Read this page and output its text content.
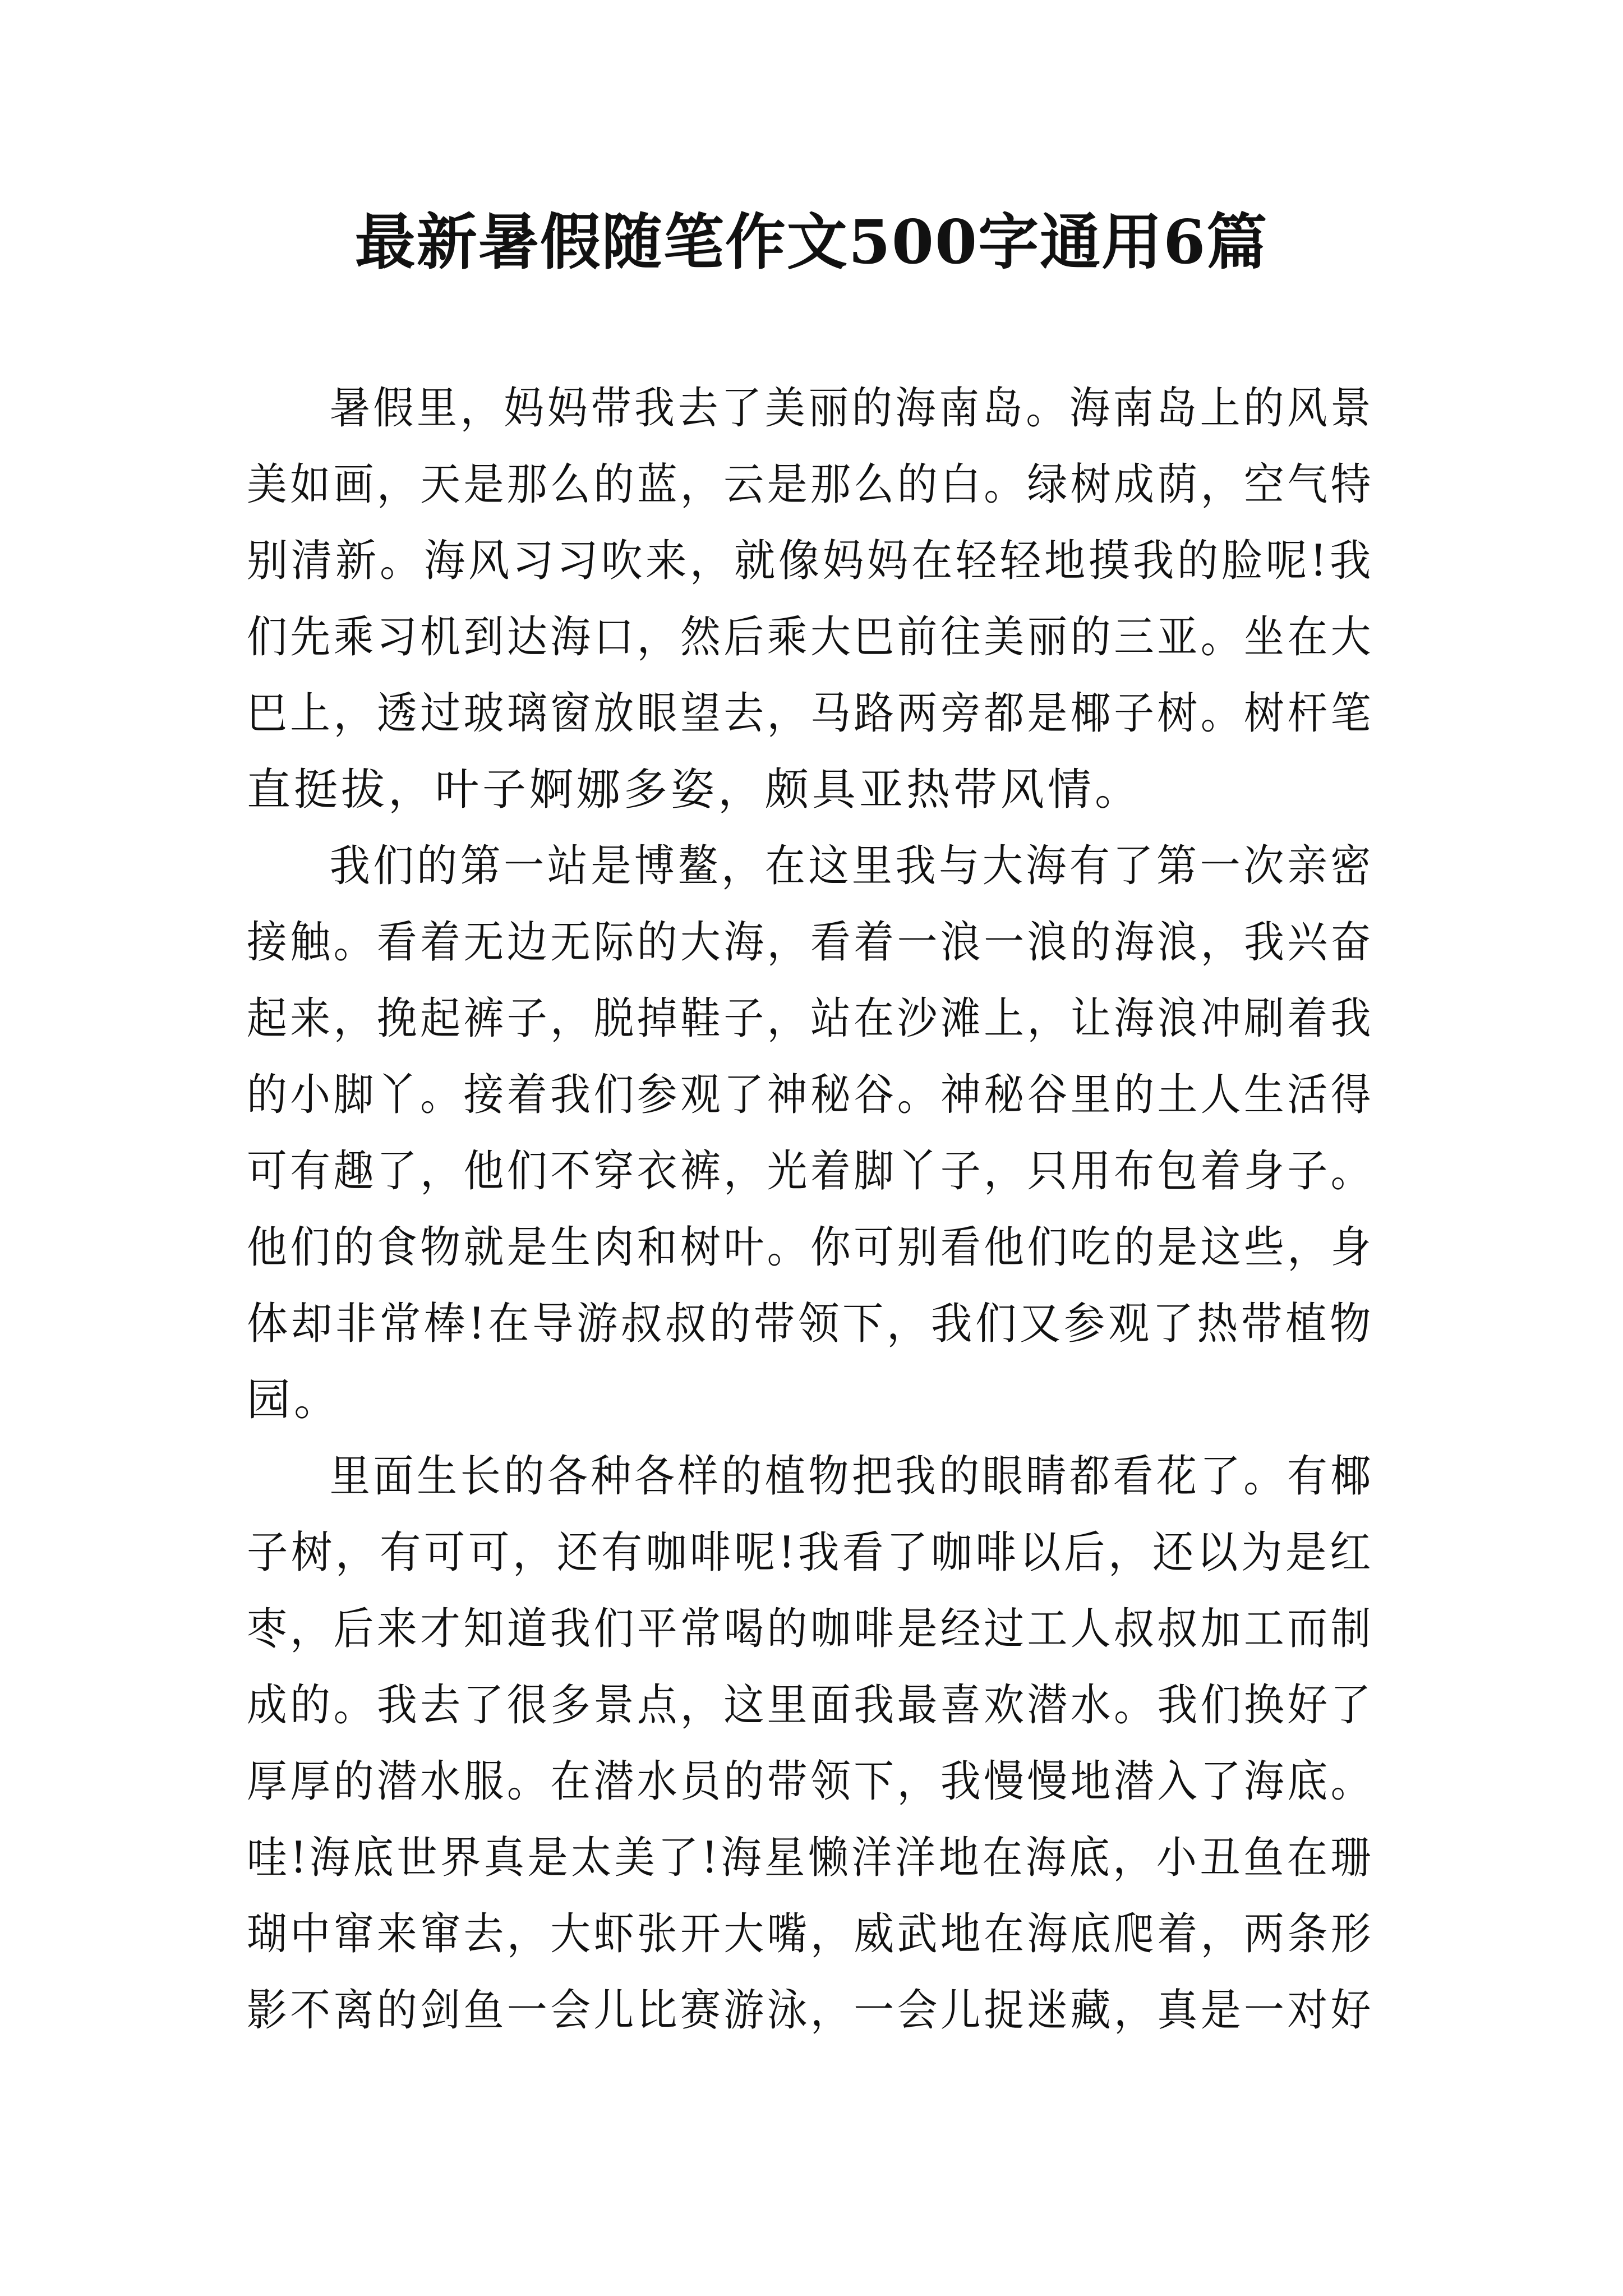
最新暑假随笔作文500字通用6篇
暑假里，妈妈带我去了美丽的海南岛。海南岛上的风景
美如画，天是那么的蓝，云是那么的白。绿树成荫，空气特
别清新。海风习习吹来，就像妈妈在轻轻地摸我的脸呢!我
们先乘习机到达海口，然后乘大巴前往美丽的三亚。坐在大
巴上，透过玻璃窗放眼望去，马路两旁都是椰子树。树杆笔
直挺拔，叶子婀娜多姿，颇具亚热带风情。
我们的第一站是博鳌，在这里我与大海有了第一次亲密
接触。看着无边无际的大海，看着一浪一浪的海浪，我兴奋
起来，挽起裤子，脱掉鞋子，站在沙滩上，让海浪冲刷着我
的小脚丫。接着我们参观了神秘谷。神秘谷里的土人生活得
可有趣了，他们不穿衣裤，光着脚丫子，只用布包着身子。
他们的食物就是生肉和树叶。你可别看他们吃的是这些，身
体却非常棒!在导游叔叔的带领下，我们又参观了热带植物
园。
里面生长的各种各样的植物把我的眼睛都看花了。有椰
子树，有可可，还有咖啡呢!我看了咖啡以后，还以为是红
枣，后来才知道我们平常喝的咖啡是经过工人叔叔加工而制
成的。我去了很多景点，这里面我最喜欢潜水。我们换好了
厚厚的潜水服。在潜水员的带领下，我慢慢地潜入了海底。
哇!海底世界真是太美了!海星懒洋洋地在海底，小丑鱼在珊
瑚中窜来窜去，大虾张开大嘴，威武地在海底爬着，两条形
影不离的剑鱼一会儿比赛游泳，一会儿捉迷藏，真是一对好
